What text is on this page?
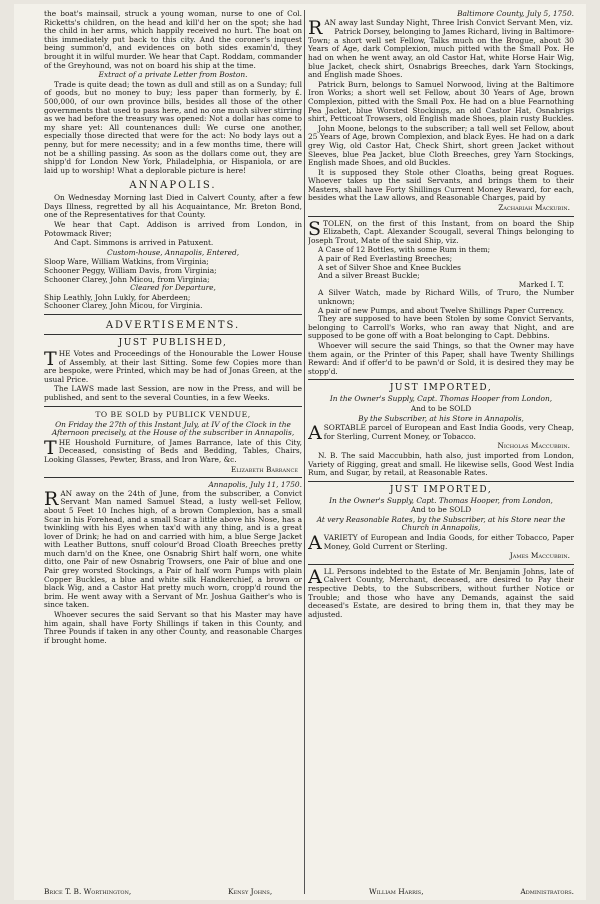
the boat's mainsail, struck a young woman, nurse to one of Col. Ricketts's children, on the head and kill'd her on the spot; she had the child in her arms, which happily received no hurt. The boat on this immediately put back to this city. And the coroner's inquest being summon'd, and evidences on both sides examin'd, they brought it in wilful murder. We hear that Capt. Roddam, commander of the Greyhound, was not on board his ship at the time.

Extract of a private Letter from Boston.

Trade is quite dead; the town as dull and still as on a Sunday; full of goods, but no money to buy; less paper than formerly, by £. 500,000, of our own province bills, besides all those of the other governments that used to pass here, and no one much silver stirring as we had before the treasury was opened: Not a dollar has come to my share yet: All countenances dull: We curse one another, especially those directed that were for the act: No body lays out a penny, but for mere necessity; and in a few months time, there will not be a shilling passing. As soon as the dollars come out, they are shipp'd for London New York, Philadelphia, or Hispaniola, or are laid up to worship! What a deplorable picture is here!

ANNAPOLIS.

On Wednesday Morning last Died in Calvert County, after a few Days Illness, regretted by all his Acquaintance, Mr. Breton Bond, one of the Representatives for that County.

We hear that Capt. Addison is arrived from London, in Potowmack River;

And Capt. Simmons is arrived in Patuxent.

Custom-house, Annapolis, Entered,

Sloop Ware, William Watkins, from Virginia;

Schooner Peggy, William Davis, from Virginia;

Schooner Clarey, John Micou, from Virginia;

Cleared for Departure,

Ship Leathly, John Lukly, for Aberdeen;

Schooner Clarey, John Micou, for Virginia.

ADVERTISEMENTS.
JUST PUBLISHED,

THE Votes and Proceedings of the Honourable the Lower House of Assembly, at their last Sitting. Some few Copies more than are bespoke, were Printed, which may be had of Jonas Green, at the usual Price.

The LAWS made last Session, are now in the Press, and will be published, and sent to the several Counties, in a few Weeks.

TO BE SOLD by PUBLICK VENDUE,

On Friday the 27th of this Instant July, at IV of the Clock in the Afternoon precisely, at the House of the subscriber in Annapolis,

THE Houshold Furniture, of James Barrance, late of this City, Deceased, consisting of Beds and Bedding, Tables, Chairs, Looking Glasses, Pewter, Brass, and Iron Ware, &c.

Elizabeth Barrance

Annapolis, July 11, 1750.

RAN away on the 24th of June, from the subscriber, a Convict Servant Man named Samuel Stead, a lusty well-set Fellow, about 5 Feet 10 Inches high, of a brown Complexion, has a small Scar in his Forehead, and a small Scar a little above his Nose, has a twinkling with his Eyes when tax'd with any thing, and is a great lover of Drink; he had on and carried with him, a blue Serge Jacket with Leather Buttons, snuff colour'd Broad Cloath Breeches pretty much darn'd on the Knee, one Osnabrig Shirt half worn, one white ditto, one Pair of new Osnabrig Trowsers, one Pair of blue and one Pair grey worsted Stockings, a Pair of half worn Pumps with plain Copper Buckles, a blue and white silk Handkerchief, a brown or black Wig, and a Castor Hat pretty much worn, cropp'd round the brim. He went away with a Servant of Mr. Joshua Gaither's who is since taken.

Whoever secures the said Servant so that his Master may have him again, shall have Forty Shillings if taken in this County, and Three Pounds if taken in any other County, and reasonable Charges if brought home.

Baltimore County, July 5, 1750.

RAN away last Sunday Night, Three Irish Convict Servant Men, viz.

Patrick Dorsey, belonging to James Richard, living in Baltimore-Town; a short well set Fellow, Talks much on the Brogue, about 30 Years of Age, dark Complexion, much pitted with the Small Pox. He had on when he went away, an old Castor Hat, white Horse Hair Wig, blue Jacket, check shirt, Osnabrigs Breeches, dark Yarn Stockings, and English made Shoes.

Patrick Burn, belongs to Samuel Norwood, living at the Baltimore Iron Works; a short well set Fellow, about 30 Years of Age, brown Complexion, pitted with the Small Pox. He had on a blue Fearnothing Pea Jacket, blue Worsted Stockings, an old Castor Hat, Osnabrigs shirt, Petticoat Trowsers, old English made Shoes, plain rusty Buckles.

John Moone, belongs to the subscriber; a tall well set Fellow, about 25 Years of Age, brown Complexion, and black Eyes. He had on a dark grey Wig, old Castor Hat, Check Shirt, short green Jacket without Sleeves, blue Pea Jacket, blue Cloth Breeches, grey Yarn Stockings, English made Shoes, and old Buckles.

It is supposed they Stole other Cloaths, being great Rogues. Whoever takes up the said Servants, and brings them to their Masters, shall have Forty Shillings Current Money Reward, for each, besides what the Law allows, and Reasonable Charges, paid by

Zachariah Mackubin.

STOLEN, on the first of this Instant, from on board the Ship Elizabeth, Capt. Alexander Scougall, several Things belonging to Joseph Trout, Mate of the said Ship, viz.

A Case of 12 Bottles, with some Rum in them;

A pair of Red Everlasting Breeches;

A set of Silver Shoe and Knee Buckles

And a silver Breast Buckle;

Marked I. T.

A Silver Watch, made by Richard Wills, of Truro, the Number unknown;

A pair of new Pumps, and about Twelve Shillings Paper Currency.

They are supposed to have been Stolen by some Convict Servants, belonging to Carroll's Works, who ran away that Night, and are supposed to be gone off with a Boat belonging to Capt. Debbins.

Whoever will secure the said Things, so that the Owner may have them again, or the Printer of this Paper, shall have Twenty Shillings Reward: And if offer'd to be pawn'd or Sold, it is desired they may be stopp'd.

JUST IMPORTED,

In the Owner's Supply, Capt. Thomas Hooper from London,

And to be SOLD

By the Subscriber, at his Store in Annapolis,

ASORTABLE parcel of European and East India Goods, very Cheap, for Sterling, Current Money, or Tobacco.

Nicholas Maccubbin.

N. B. The said Maccubbin, hath also, just imported from London, Variety of Rigging, great and small. He likewise sells, Good West India Rum, and Sugar, by retail, at Reasonable Rates.

JUST IMPORTED,

In the Owner's Supply, Capt. Thomas Hooper, from London,

And to be SOLD

At very Reasonable Rates, by the Subscriber, at his Store near the Church in Annapolis,

AVARIETY of European and India Goods, for either Tobacco, Paper Money, Gold Current or Sterling.

James Maccubbin.

ALL Persons indebted to the Estate of Mr. Benjamin Johns, late of Calvert County, Merchant, deceased, are desired to Pay their respective Debts, to the Subscribers, without further Notice or Trouble; and those who have any Demands, against the said deceased's Estate, are desired to bring them in, that they may be adjusted.

Brice T. B. Worthington,	Kensy Johns,	William Harris,	Administrators.
